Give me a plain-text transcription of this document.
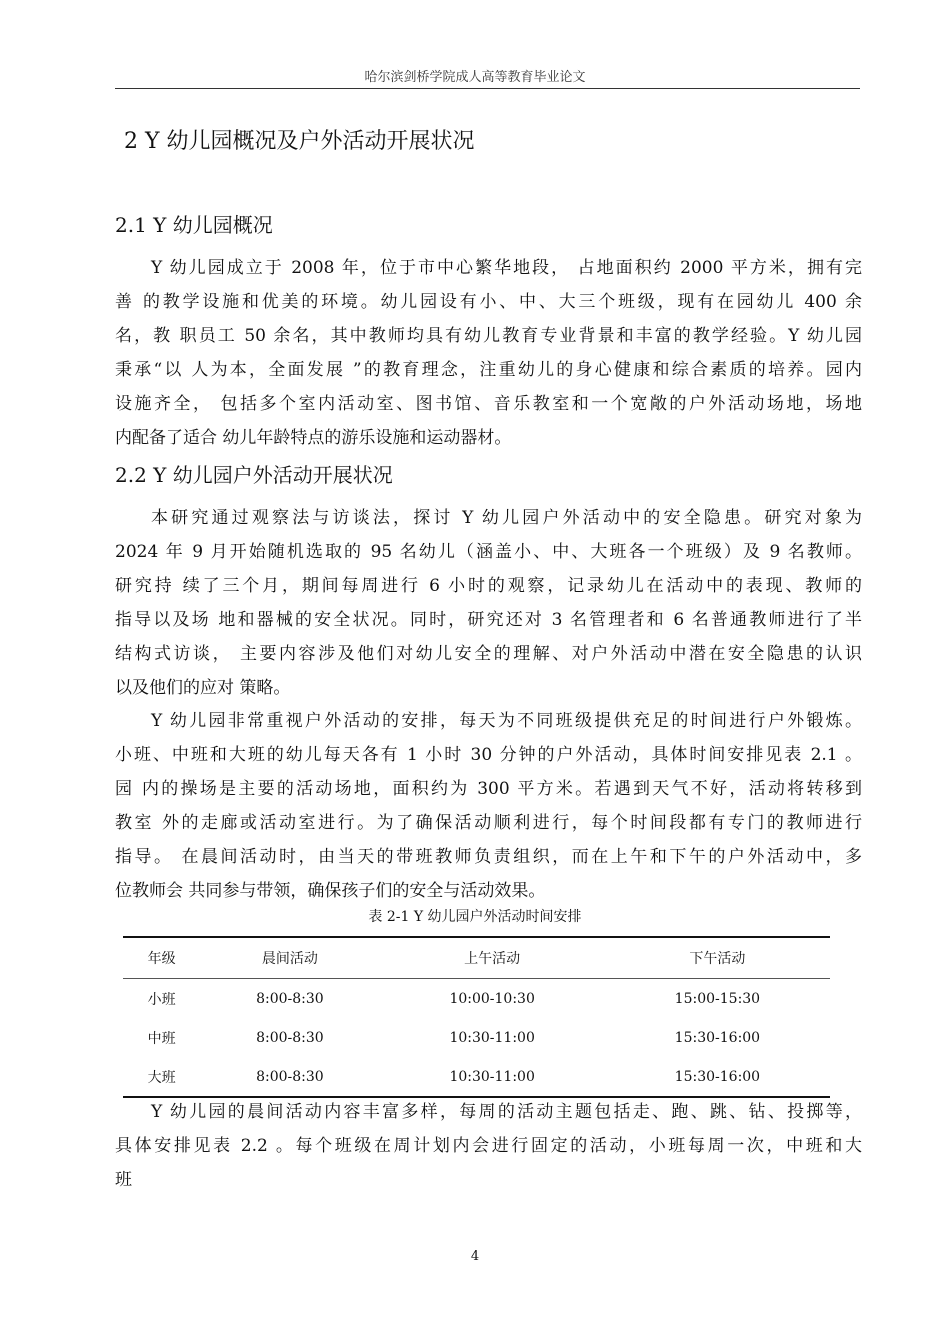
哈尔滨剑桥学院成人高等教育毕业论文
2 Y 幼儿园概况及户外活动开展状况
2.1 Y 幼儿园概况
Y 幼儿园成立于 2008 年，位于市中心繁华地段， 占地面积约 2000 平方米，拥有完
善 的教学设施和优美的环境。幼儿园设有小、中、大三个班级，现有在园幼儿 400 余
名，教 职员工 50 余名，其中教师均具有幼儿教育专业背景和丰富的教学经验。Y 幼儿园
秉承“以 人为本，全面发展 ”的教育理念，注重幼儿的身心健康和综合素质的培养。园内
设施齐全， 包括多个室内活动室、图书馆、音乐教室和一个宽敞的户外活动场地，场地
内配备了适合 幼儿年龄特点的游乐设施和运动器材。
2.2 Y 幼儿园户外活动开展状况
本研究通过观察法与访谈法，探讨 Y 幼儿园户外活动中的安全隐患。研究对象为
2024 年 9 月开始随机选取的 95 名幼儿（涵盖小、中、大班各一个班级）及 9 名教师。
研究持 续了三个月，期间每周进行 6 小时的观察，记录幼儿在活动中的表现、教师的
指导以及场 地和器械的安全状况。同时，研究还对 3 名管理者和 6 名普通教师进行了半
结构式访谈， 主要内容涉及他们对幼儿安全的理解、对户外活动中潜在安全隐患的认识
以及他们的应对 策略。
Y 幼儿园非常重视户外活动的安排，每天为不同班级提供充足的时间进行户外锻炼。
小班、中班和大班的幼儿每天各有 1 小时 30 分钟的户外活动，具体时间安排见表 2.1 。
园 内的操场是主要的活动场地，面积约为 300 平方米。若遇到天气不好，活动将转移到
教室 外的走廊或活动室进行。为了确保活动顺利进行，每个时间段都有专门的教师进行
指导。 在晨间活动时，由当天的带班教师负责组织，而在上午和下午的户外活动中，多
位教师会 共同参与带领，确保孩子们的安全与活动效果。
表 2-1 Y 幼儿园户外活动时间安排
年级	晨间活动	上午活动	下午活动
小班	8:00-8:30	10:00-10:30	15:00-15:30
中班	8:00-8:30	10:30-11:00	15:30-16:00
大班	8:00-8:30	10:30-11:00	15:30-16:00
Y 幼儿园的晨间活动内容丰富多样，每周的活动主题包括走、跑、跳、钻、投掷等，
具体安排见表 2.2 。每个班级在周计划内会进行固定的活动，小班每周一次，中班和大
班
4
